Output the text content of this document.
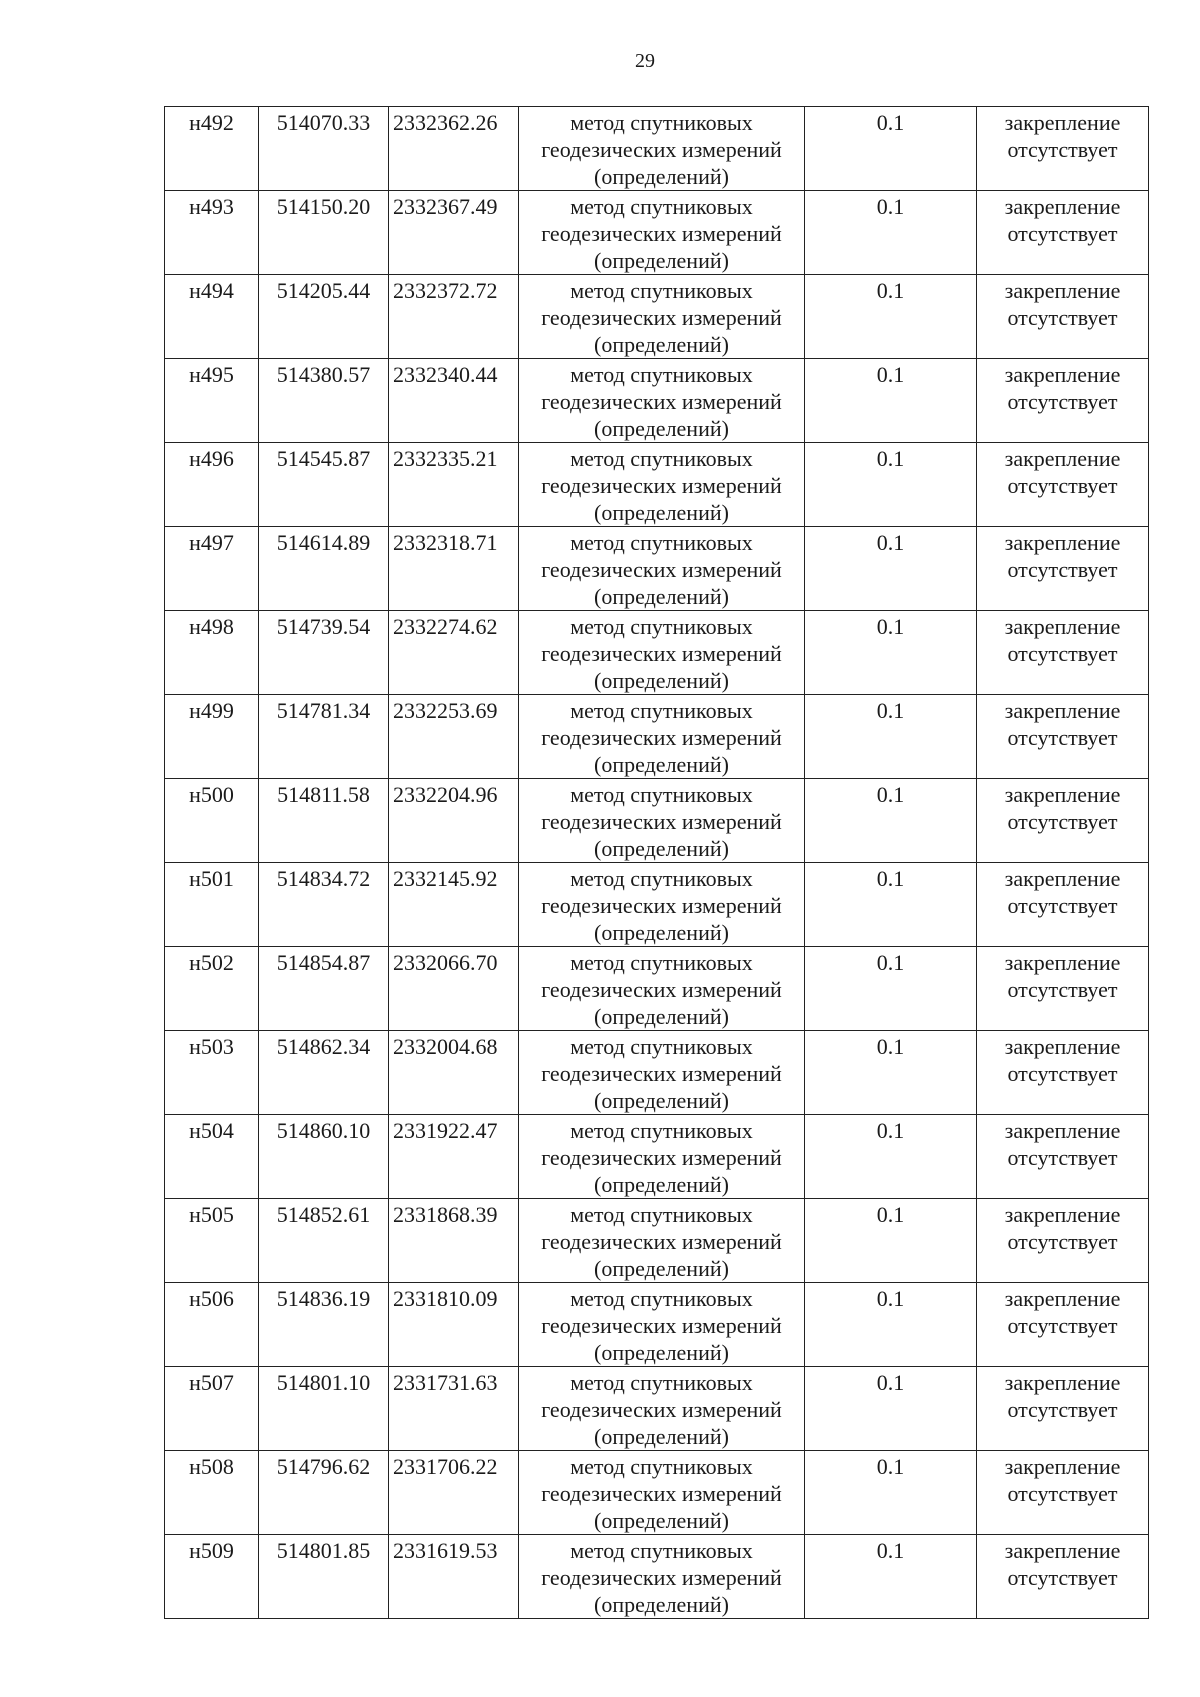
29
н492	514070.33	2332362.26	метод спутниковых
геодезических измерений
(определений)	0.1	закрепление
отсутствует

н493	514150.20	2332367.49	метод спутниковых
геодезических измерений
(определений)	0.1	закрепление
отсутствует

н494	514205.44	2332372.72	метод спутниковых
геодезических измерений
(определений)	0.1	закрепление
отсутствует

н495	514380.57	2332340.44	метод спутниковых
геодезических измерений
(определений)	0.1	закрепление
отсутствует

н496	514545.87	2332335.21	метод спутниковых
геодезических измерений
(определений)	0.1	закрепление
отсутствует

н497	514614.89	2332318.71	метод спутниковых
геодезических измерений
(определений)	0.1	закрепление
отсутствует

н498	514739.54	2332274.62	метод спутниковых
геодезических измерений
(определений)	0.1	закрепление
отсутствует

н499	514781.34	2332253.69	метод спутниковых
геодезических измерений
(определений)	0.1	закрепление
отсутствует

н500	514811.58	2332204.96	метод спутниковых
геодезических измерений
(определений)	0.1	закрепление
отсутствует

н501	514834.72	2332145.92	метод спутниковых
геодезических измерений
(определений)	0.1	закрепление
отсутствует

н502	514854.87	2332066.70	метод спутниковых
геодезических измерений
(определений)	0.1	закрепление
отсутствует

н503	514862.34	2332004.68	метод спутниковых
геодезических измерений
(определений)	0.1	закрепление
отсутствует

н504	514860.10	2331922.47	метод спутниковых
геодезических измерений
(определений)	0.1	закрепление
отсутствует

н505	514852.61	2331868.39	метод спутниковых
геодезических измерений
(определений)	0.1	закрепление
отсутствует

н506	514836.19	2331810.09	метод спутниковых
геодезических измерений
(определений)	0.1	закрепление
отсутствует

н507	514801.10	2331731.63	метод спутниковых
геодезических измерений
(определений)	0.1	закрепление
отсутствует

н508	514796.62	2331706.22	метод спутниковых
геодезических измерений
(определений)	0.1	закрепление
отсутствует

н509	514801.85	2331619.53	метод спутниковых
геодезических измерений
(определений)	0.1	закрепление
отсутствует
